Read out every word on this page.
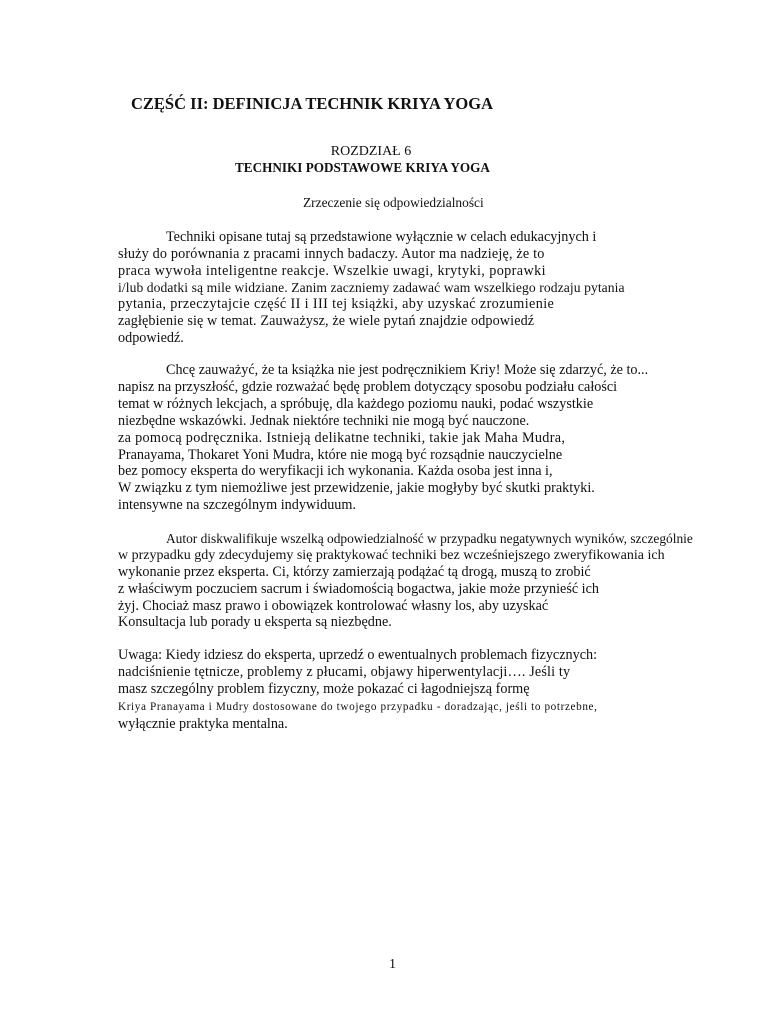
CZĘŚĆ II: DEFINICJA TECHNIK KRIYA YOGA
ROZDZIAŁ 6
TECHNIKI PODSTAWOWE KRIYA YOGA
Zrzeczenie się odpowiedzialności
Techniki opisane tutaj są przedstawione wyłącznie w celach edukacyjnych i
służy do porównania z pracami innych badaczy. Autor ma nadzieję, że to
praca wywoła inteligentne reakcje. Wszelkie uwagi, krytyki, poprawki
i/lub dodatki są mile widziane. Zanim zaczniemy zadawać wam wszelkiego rodzaju pytania
pytania, przeczytajcie część II i III tej książki, aby uzyskać zrozumienie
zagłębienie się w temat. Zauważysz, że wiele pytań znajdzie odpowiedź
odpowiedź.
Chcę zauważyć, że ta książka nie jest podręcznikiem Kriy! Może się zdarzyć, że to...
napisz na przyszłość, gdzie rozważać będę problem dotyczący sposobu podziału całości
temat w różnych lekcjach, a spróbuję, dla każdego poziomu nauki, podać wszystkie
niezbędne wskazówki. Jednak niektóre techniki nie mogą być nauczone.
za pomocą podręcznika. Istnieją delikatne techniki, takie jak Maha Mudra,
Pranayama, Thokaret Yoni Mudra, które nie mogą być rozsądnie nauczycielne
bez pomocy eksperta do weryfikacji ich wykonania. Każda osoba jest inna i,
W związku z tym niemożliwe jest przewidzenie, jakie mogłyby być skutki praktyki.
intensywne na szczególnym indywiduum.
Autor diskwalifikuje wszelką odpowiedzialność w przypadku negatywnych wyników, szczególnie
w przypadku gdy zdecydujemy się praktykować techniki bez wcześniejszego zweryfikowania ich
wykonanie przez eksperta. Ci, którzy zamierzają podążać tą drogą, muszą to zrobić
z właściwym poczuciem sacrum i świadomością bogactwa, jakie może przynieść ich
żyj. Chociaż masz prawo i obowiązek kontrolować własny los, aby uzyskać
Konsultacja lub porady u eksperta są niezbędne.
Uwaga: Kiedy idziesz do eksperta, uprzedź o ewentualnych problemach fizycznych:
nadciśnienie tętnicze, problemy z płucami, objawy hiperwentylacji…. Jeśli ty
masz szczególny problem fizyczny, może pokazać ci łagodniejszą formę
Kriya Pranayama i Mudry dostosowane do twojego przypadku - doradzając, jeśli to potrzebne,
wyłącznie praktyka mentalna.
1
